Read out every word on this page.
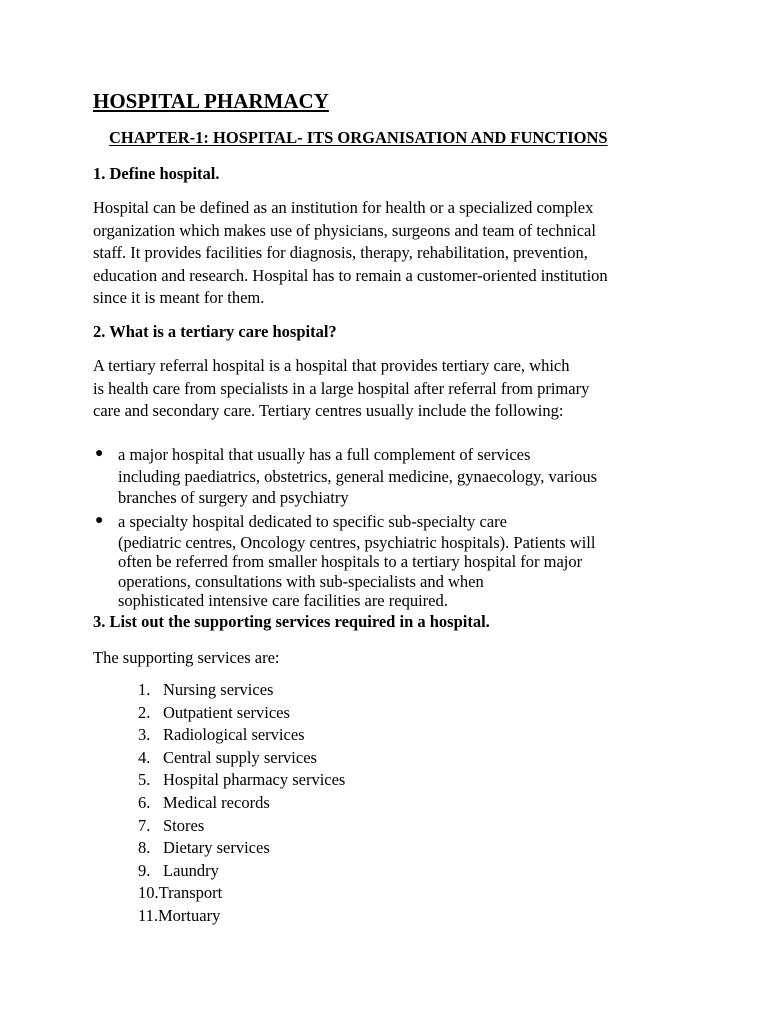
HOSPITAL PHARMACY
CHAPTER-1: HOSPITAL- ITS ORGANISATION AND FUNCTIONS
1. Define hospital.

Hospital can be defined as an institution for health or a specialized complex
organization which makes use of physicians, surgeons and team of technical
staff. It provides facilities for diagnosis, therapy, rehabilitation, prevention,
education and research. Hospital has to remain a customer-oriented institution
since it is meant for them.

2. What is a tertiary care hospital?

A tertiary referral hospital is a hospital that provides tertiary care, which
is health care from specialists in a large hospital after referral from primary
care and secondary care. Tertiary centres usually include the following:

● a major hospital that usually has a full complement of services
including paediatrics, obstetrics, general medicine, gynaecology, various
branches of surgery and psychiatry
● a specialty hospital dedicated to specific sub-specialty care
(pediatric centres, Oncology centres, psychiatric hospitals). Patients will
often be referred from smaller hospitals to a tertiary hospital for major
operations, consultations with sub-specialists and when
sophisticated intensive care facilities are required.
3. List out the supporting services required in a hospital.

The supporting services are:

1. Nursing services
2. Outpatient services
3. Radiological services
4. Central supply services
5. Hospital pharmacy services
6. Medical records
7. Stores
8. Dietary services
9. Laundry
10.Transport
11.Mortuary
